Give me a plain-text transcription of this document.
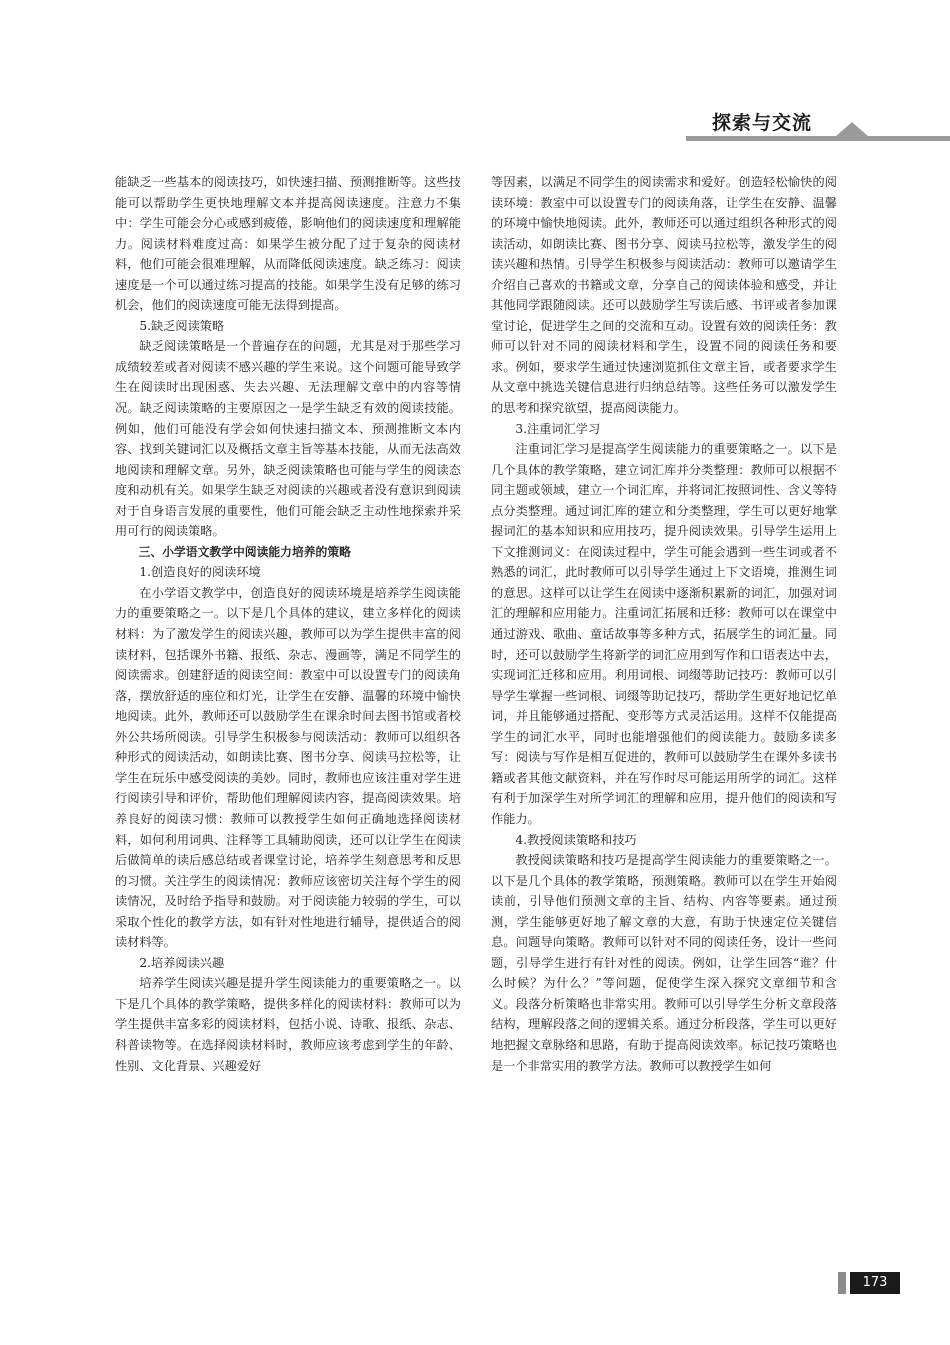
探索与交流

能缺乏一些基本的阅读技巧，如快速扫描、预测推断等。这些技能可以帮助学生更快地理解文本并提高阅读速度。注意力不集中：学生可能会分心或感到疲倦，影响他们的阅读速度和理解能力。阅读材料难度过高：如果学生被分配了过于复杂的阅读材料，他们可能会很难理解，从而降低阅读速度。缺乏练习：阅读速度是一个可以通过练习提高的技能。如果学生没有足够的练习机会，他们的阅读速度可能无法得到提高。

5.缺乏阅读策略

缺乏阅读策略是一个普遍存在的问题，尤其是对于那些学习成绩较差或者对阅读不感兴趣的学生来说。这个问题可能导致学生在阅读时出现困惑、失去兴趣、无法理解文章中的内容等情况。缺乏阅读策略的主要原因之一是学生缺乏有效的阅读技能。例如，他们可能没有学会如何快速扫描文本、预测推断文本内容、找到关键词汇以及概括文章主旨等基本技能，从而无法高效地阅读和理解文章。另外，缺乏阅读策略也可能与学生的阅读态度和动机有关。如果学生缺乏对阅读的兴趣或者没有意识到阅读对于自身语言发展的重要性，他们可能会缺乏主动性地探索并采用可行的阅读策略。

三、小学语文教学中阅读能力培养的策略

1.创造良好的阅读环境

在小学语文教学中，创造良好的阅读环境是培养学生阅读能力的重要策略之一。以下是几个具体的建议，建立多样化的阅读材料：为了激发学生的阅读兴趣，教师可以为学生提供丰富的阅读材料，包括课外书籍、报纸、杂志、漫画等，满足不同学生的阅读需求。创建舒适的阅读空间：教室中可以设置专门的阅读角落，摆放舒适的座位和灯光，让学生在安静、温馨的环境中愉快地阅读。此外，教师还可以鼓励学生在课余时间去图书馆或者校外公共场所阅读。引导学生积极参与阅读活动：教师可以组织各种形式的阅读活动，如朗读比赛、图书分享、阅读马拉松等，让学生在玩乐中感受阅读的美妙。同时，教师也应该注重对学生进行阅读引导和评价，帮助他们理解阅读内容，提高阅读效果。培养良好的阅读习惯：教师可以教授学生如何正确地选择阅读材料，如何利用词典、注释等工具辅助阅读，还可以让学生在阅读后做简单的读后感总结或者课堂讨论，培养学生刻意思考和反思的习惯。关注学生的阅读情况：教师应该密切关注每个学生的阅读情况，及时给予指导和鼓励。对于阅读能力较弱的学生，可以采取个性化的教学方法，如有针对性地进行辅导，提供适合的阅读材料等。

2.培养阅读兴趣

培养学生阅读兴趣是提升学生阅读能力的重要策略之一。以下是几个具体的教学策略，提供多样化的阅读材料：教师可以为学生提供丰富多彩的阅读材料，包括小说、诗歌、报纸、杂志、科普读物等。在选择阅读材料时，教师应该考虑到学生的年龄、性别、文化背景、兴趣爱好

等因素，以满足不同学生的阅读需求和爱好。创造轻松愉快的阅读环境：教室中可以设置专门的阅读角落，让学生在安静、温馨的环境中愉快地阅读。此外，教师还可以通过组织各种形式的阅读活动，如朗读比赛、图书分享、阅读马拉松等，激发学生的阅读兴趣和热情。引导学生积极参与阅读活动：教师可以邀请学生介绍自己喜欢的书籍或文章，分享自己的阅读体验和感受，并让其他同学跟随阅读。还可以鼓励学生写读后感、书评或者参加课堂讨论，促进学生之间的交流和互动。设置有效的阅读任务：教师可以针对不同的阅读材料和学生，设置不同的阅读任务和要求。例如，要求学生通过快速浏览抓住文章主旨，或者要求学生从文章中挑选关键信息进行归纳总结等。这些任务可以激发学生的思考和探究欲望，提高阅读能力。

3.注重词汇学习

注重词汇学习是提高学生阅读能力的重要策略之一。以下是几个具体的教学策略，建立词汇库并分类整理：教师可以根据不同主题或领域，建立一个词汇库，并将词汇按照词性、含义等特点分类整理。通过词汇库的建立和分类整理，学生可以更好地掌握词汇的基本知识和应用技巧，提升阅读效果。引导学生运用上下文推测词义：在阅读过程中，学生可能会遇到一些生词或者不熟悉的词汇，此时教师可以引导学生通过上下文语境，推测生词的意思。这样可以让学生在阅读中逐渐积累新的词汇，加强对词汇的理解和应用能力。注重词汇拓展和迁移：教师可以在课堂中通过游戏、歌曲、童话故事等多种方式，拓展学生的词汇量。同时，还可以鼓励学生将新学的词汇应用到写作和口语表达中去，实现词汇迁移和应用。利用词根、词缀等助记技巧：教师可以引导学生掌握一些词根、词缀等助记技巧，帮助学生更好地记忆单词，并且能够通过搭配、变形等方式灵活运用。这样不仅能提高学生的词汇水平，同时也能增强他们的阅读能力。鼓励多读多写：阅读与写作是相互促进的，教师可以鼓励学生在课外多读书籍或者其他文献资料，并在写作时尽可能运用所学的词汇。这样有利于加深学生对所学词汇的理解和应用，提升他们的阅读和写作能力。

4.教授阅读策略和技巧

教授阅读策略和技巧是提高学生阅读能力的重要策略之一。以下是几个具体的教学策略，预测策略。教师可以在学生开始阅读前，引导他们预测文章的主旨、结构、内容等要素。通过预测，学生能够更好地了解文章的大意，有助于快速定位关键信息。问题导向策略。教师可以针对不同的阅读任务，设计一些问题，引导学生进行有针对性的阅读。例如，让学生回答“谁？什么时候？为什么？”等问题，促使学生深入探究文章细节和含义。段落分析策略也非常实用。教师可以引导学生分析文章段落结构，理解段落之间的逻辑关系。通过分析段落，学生可以更好地把握文章脉络和思路，有助于提高阅读效率。标记技巧策略也是一个非常实用的教学方法。教师可以教授学生如何

173
